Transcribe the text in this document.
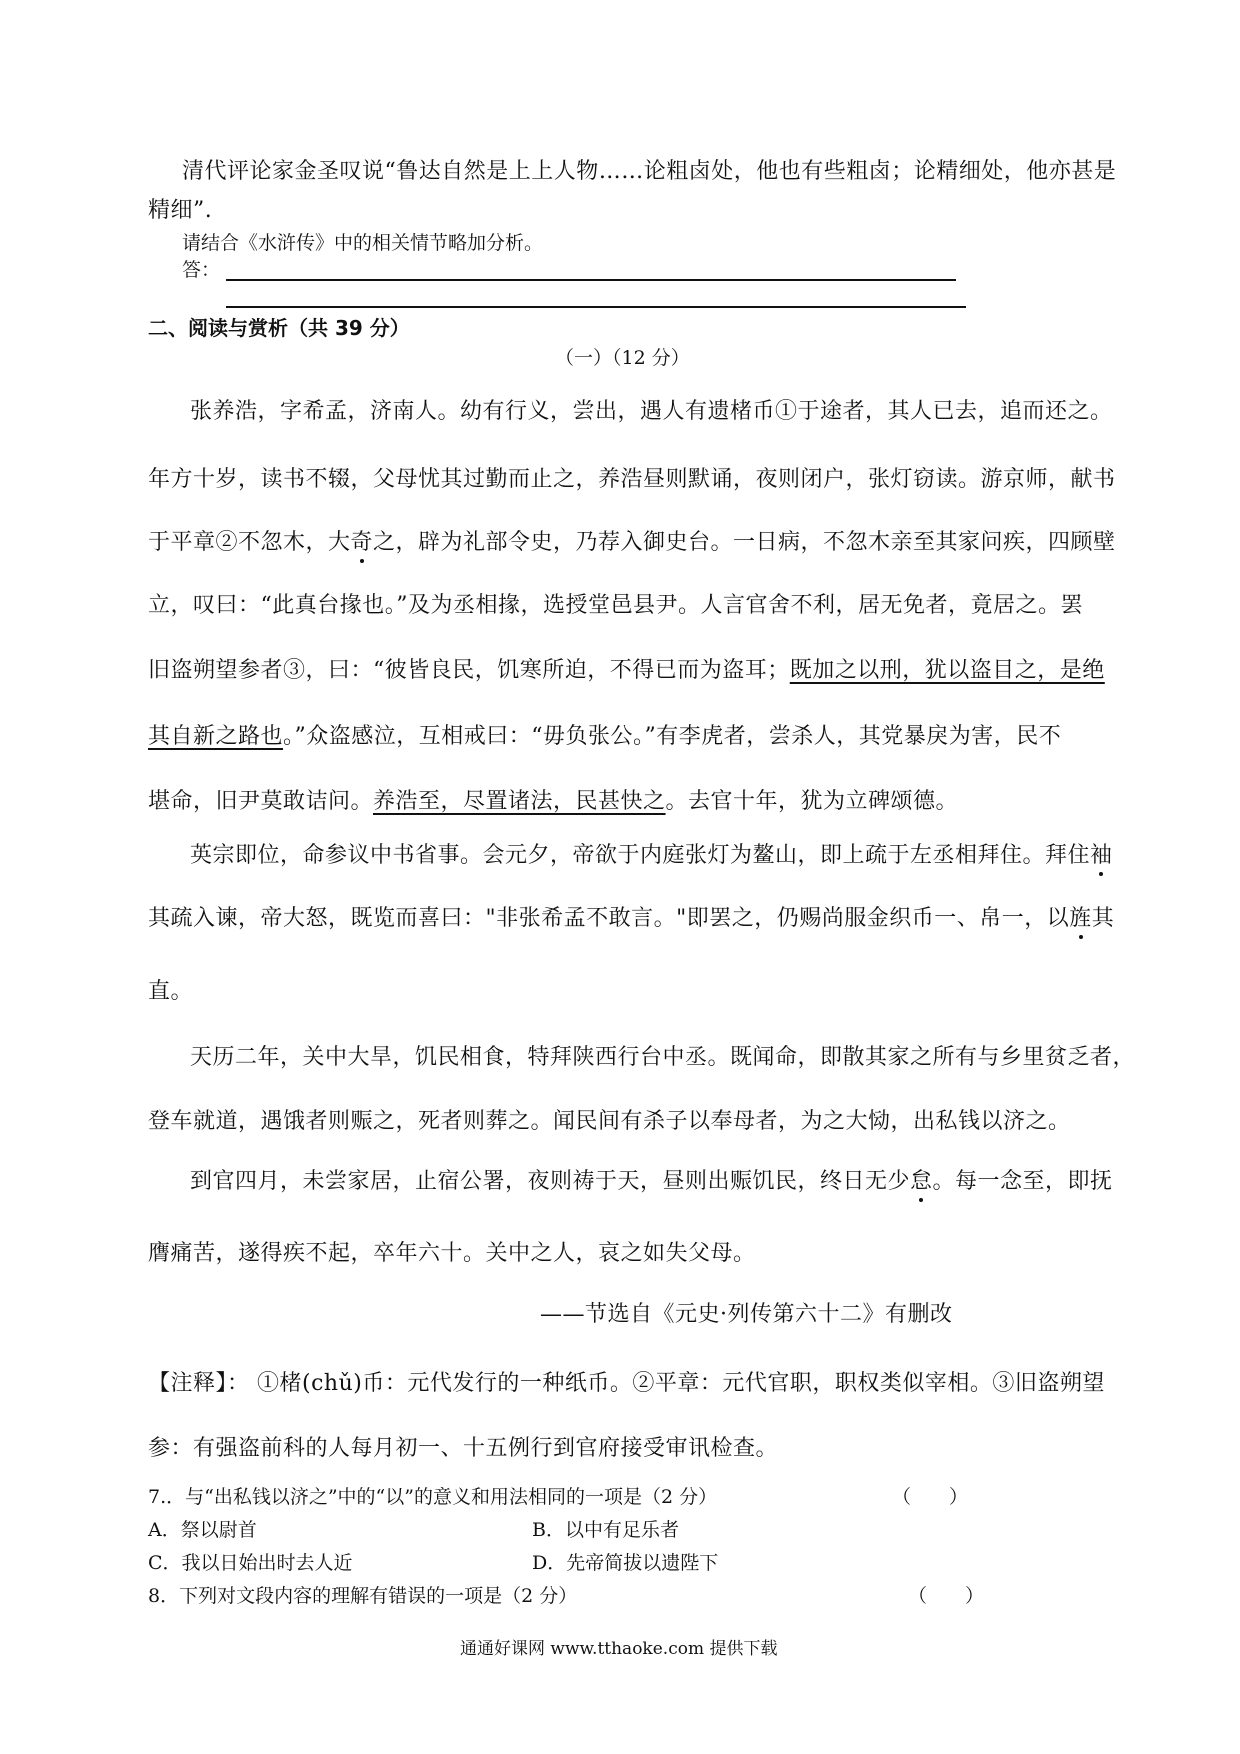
清代评论家金圣叹说“鲁达自然是上上人物……论粗卤处，他也有些粗卤；论精细处，他亦甚是
精细”.
请结合《水浒传》中的相关情节略加分析。
答：
二、阅读与赏析（共 39 分）
（一）（12 分）
张养浩，字希孟，济南人。幼有行义，尝出，遇人有遗楮币①于途者，其人已去，追而还之。
年方十岁，读书不辍，父母忧其过勤而止之，养浩昼则默诵，夜则闭户，张灯窃读。游京师，献书
于平章②不忽木，大奇之，辟为礼部令史，乃荐入御史台。一日病，不忽木亲至其家问疾，四顾壁
立，叹曰：“此真台掾也。”及为丞相掾，选授堂邑县尹。人言官舍不利，居无免者，竟居之。罢
旧盗朔望参者③，曰：“彼皆良民，饥寒所迫，不得已而为盗耳；既加之以刑，犹以盗目之，是绝
其自新之路也。”众盗感泣，互相戒曰：“毋负张公。”有李虎者，尝杀人，其党暴戾为害，民不
堪命，旧尹莫敢诘问。养浩至，尽置诸法，民甚快之。去官十年，犹为立碑颂德。
英宗即位，命参议中书省事。会元夕，帝欲于内庭张灯为鳌山，即上疏于左丞相拜住。拜住袖
其疏入谏，帝大怒，既览而喜曰："非张希孟不敢言。"即罢之，仍赐尚服金织币一、帛一，以旌其
直。
天历二年，关中大旱，饥民相食，特拜陕西行台中丞。既闻命，即散其家之所有与乡里贫乏者，
登车就道，遇饿者则赈之，死者则葬之。闻民间有杀子以奉母者，为之大恸，出私钱以济之。
到官四月，未尝家居，止宿公署，夜则祷于天，昼则出赈饥民，终日无少怠。每一念至，即抚
膺痛苦，遂得疾不起，卒年六十。关中之人，哀之如失父母。
——节选自《元史·列传第六十二》有删改
【注释】： ①楮(chǔ)币：元代发行的一种纸币。②平章：元代官职，职权类似宰相。③旧盗朔望
参：有强盗前科的人每月初一、十五例行到官府接受审讯检查。
7.．与“出私钱以济之”中的“以”的意义和用法相同的一项是（2 分）	（　　）
A．祭以尉首	B．以中有足乐者
C．我以日始出时去人近	D．先帝简拔以遗陛下
8．下列对文段内容的理解有错误的一项是（2 分）	（　　）
通通好课网 www.tthaoke.com 提供下载
